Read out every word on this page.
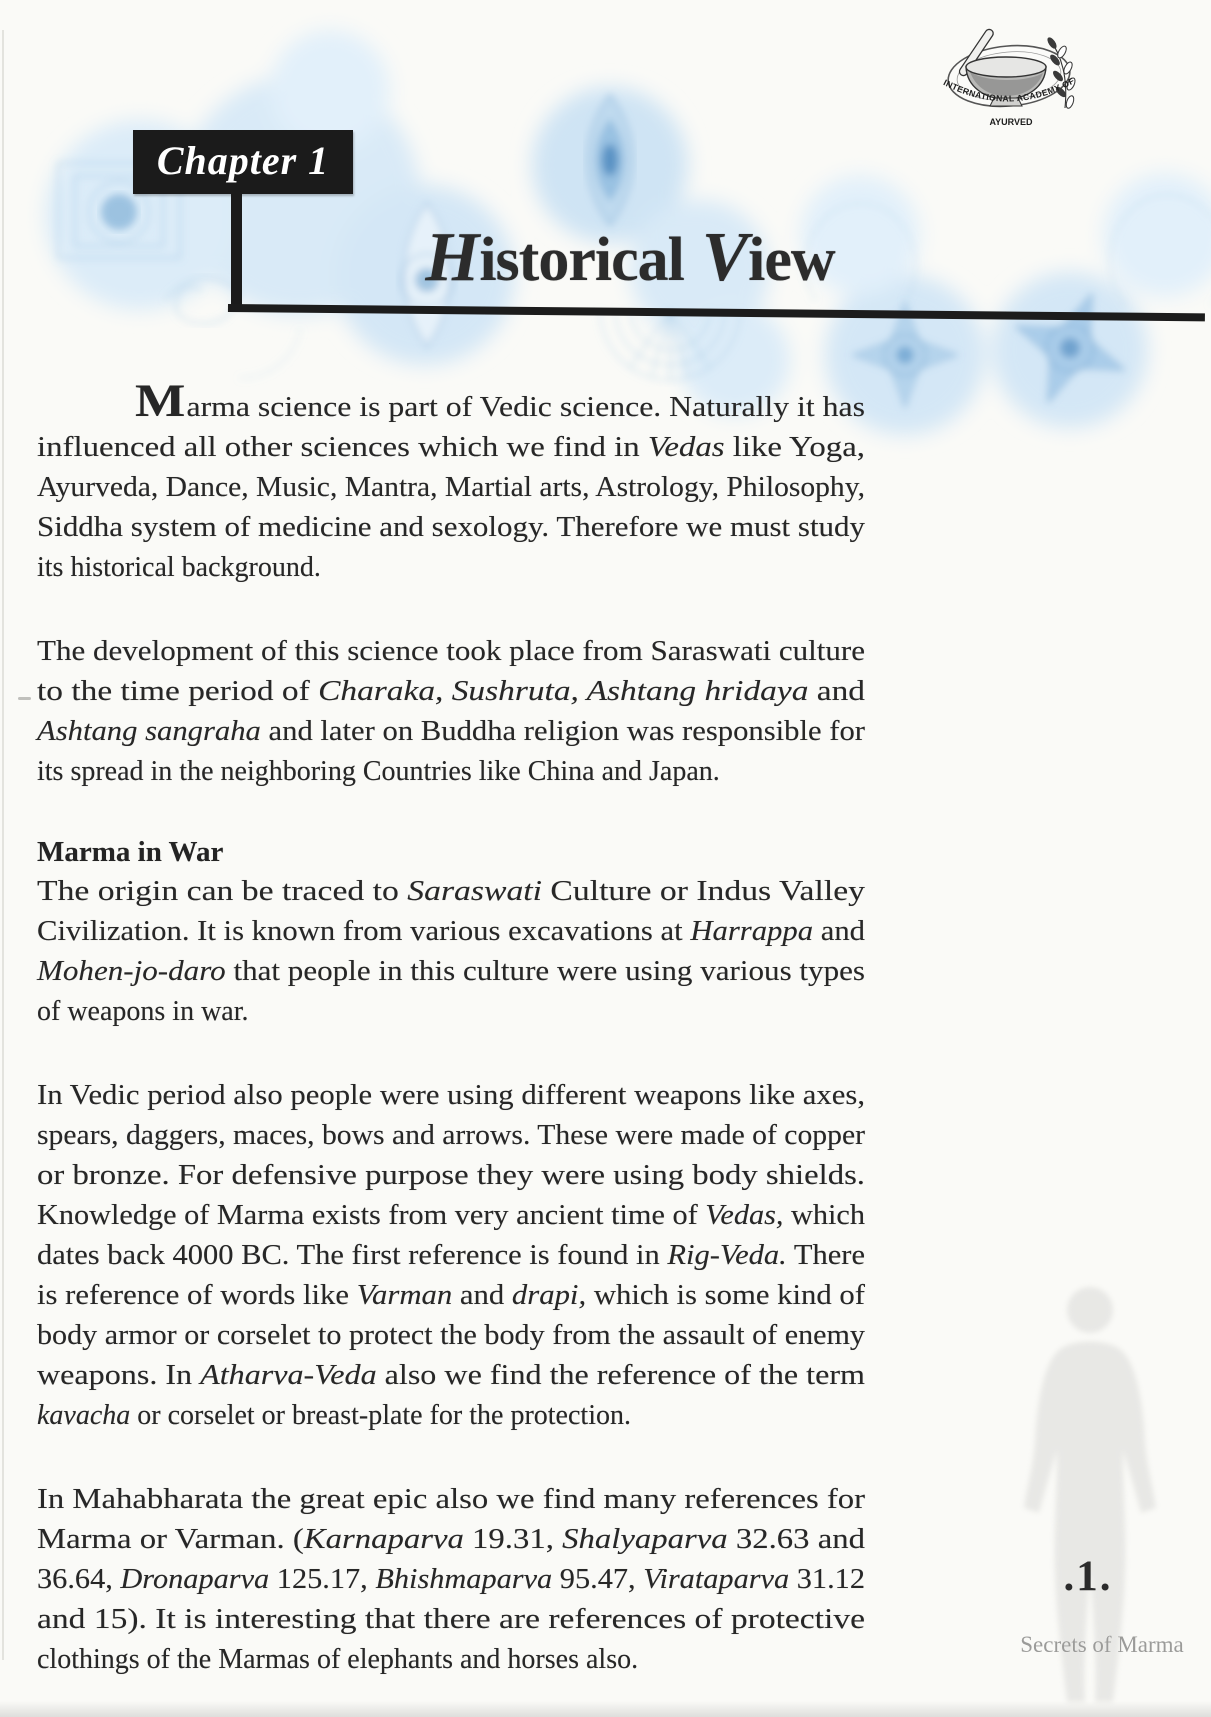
Chapter 1
Historical View
INTERNATIONAL ACADEMY OF
AYURVED
Marma science is part of Vedic science. Naturally it has
influenced all other sciences which we find in Vedas like Yoga,
Ayurveda, Dance, Music, Mantra, Martial arts, Astrology, Philosophy,
Siddha system of medicine and sexology. Therefore we must study
its historical background.
The development of this science took place from Saraswati culture
to the time period of Charaka, Sushruta, Ashtang hridaya and
Ashtang sangraha and later on Buddha religion was responsible for
its spread in the neighboring Countries like China and Japan.
Marma in War
The origin can be traced to Saraswati Culture or Indus Valley
Civilization. It is known from various excavations at Harrappa and
Mohen-jo-daro that people in this culture were using various types
of weapons in war.
In Vedic period also people were using different weapons like axes,
spears, daggers, maces, bows and arrows. These were made of copper
or bronze. For defensive purpose they were using body shields.
Knowledge of Marma exists from very ancient time of Vedas, which
dates back 4000 BC. The first reference is found in Rig-Veda. There
is reference of words like Varman and drapi, which is some kind of
body armor or corselet to protect the body from the assault of enemy
weapons. In Atharva-Veda also we find the reference of the term
kavacha or corselet or breast-plate for the protection.
In Mahabharata the great epic also we find many references for
Marma or Varman. (Karnaparva 19.31, Shalyaparva 32.63 and
36.64, Dronaparva 125.17, Bhishmaparva 95.47, Virataparva 31.12
and 15). It is interesting that there are references of protective
clothings of the Marmas of elephants and horses also.
.1.
Secrets of Marma
